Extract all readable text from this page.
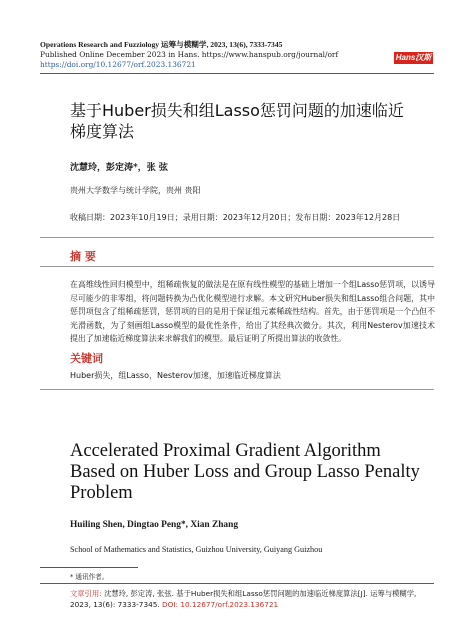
Operations Research and Fuzziology 运筹与模糊学, 2023, 13(6), 7333-7345
Published Online December 2023 in Hans. https://www.hanspub.org/journal/orf
https://doi.org/10.12677/orf.2023.136721
Hans汉斯
基于Huber损失和组Lasso惩罚问题的加速临近梯度算法
沈慧玲，彭定涛*，张 弦
贵州大学数学与统计学院，贵州 贵阳
收稿日期：2023年10月19日；录用日期：2023年12月20日；发布日期：2023年12月28日
摘 要
在高维线性回归模型中，组稀疏恢复的做法是在原有线性模型的基础上增加一个组Lasso惩罚项，以诱导尽可能少的非零组，将问题转换为凸优化模型进行求解。本文研究Huber损失和组Lasso组合问题，其中惩罚项包含了组稀疏惩罚，惩罚项的目的是用于保证组元素稀疏性结构。首先，由于惩罚项是一个凸但不光滑函数，为了刻画组Lasso模型的最优性条件，给出了其经典次微分。其次，利用Nesterov加速技术提出了加速临近梯度算法来求解我们的模型。最后证明了所提出算法的收敛性。
关键词
Huber损失，组Lasso，Nesterov加速，加速临近梯度算法
Accelerated Proximal Gradient Algorithm Based on Huber Loss and Group Lasso Penalty Problem
Huiling Shen, Dingtao Peng*, Xian Zhang
School of Mathematics and Statistics, Guizhou University, Guiyang Guizhou
* 通讯作者。
文章引用: 沈慧玲, 彭定涛, 张弦. 基于Huber损失和组Lasso惩罚问题的加速临近梯度算法[J]. 运筹与模糊学, 2023, 13(6): 7333-7345. DOI: 10.12677/orf.2023.136721
